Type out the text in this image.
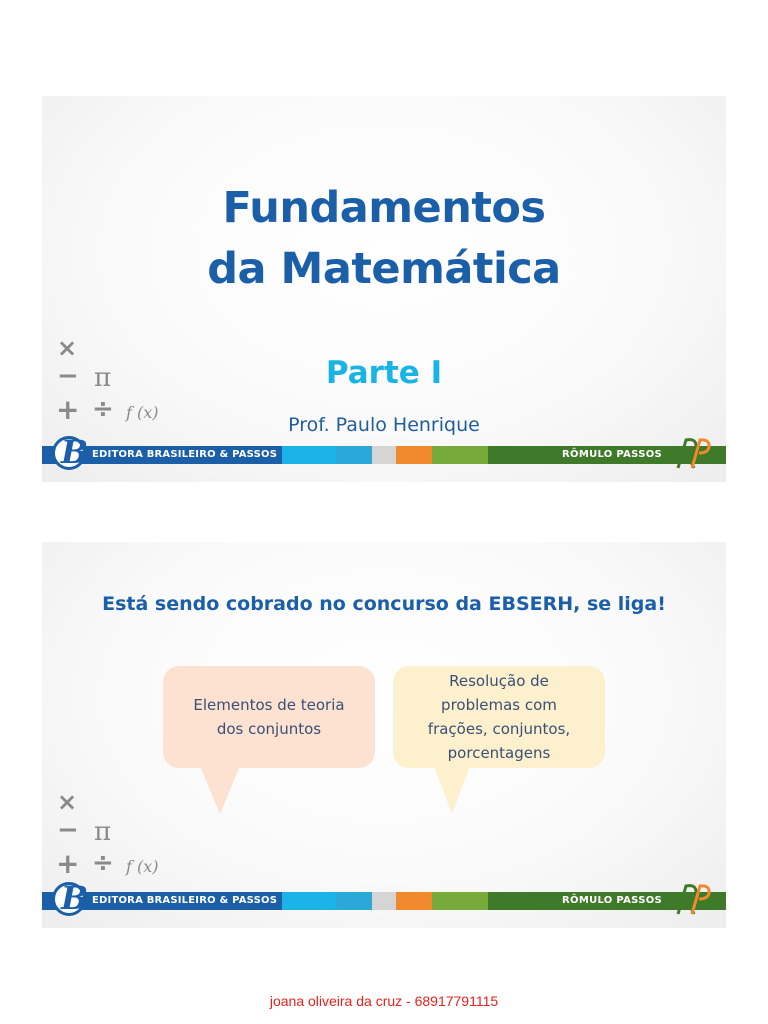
Fundamentos
da Matemática
Parte I
Prof. Paulo Henrique
×
− π
+ ÷ f (x)
B EDITORA BRASILEIRO & PASSOS	RÔMULO PASSOS
Está sendo cobrado no concurso da EBSERH, se liga!
Elementos de teoria
dos conjuntos
Resolução de
problemas com
frações, conjuntos,
porcentagens
×
− π
+ ÷ f (x)
B EDITORA BRASILEIRO & PASSOS	RÔMULO PASSOS
joana oliveira da cruz - 68917791115
